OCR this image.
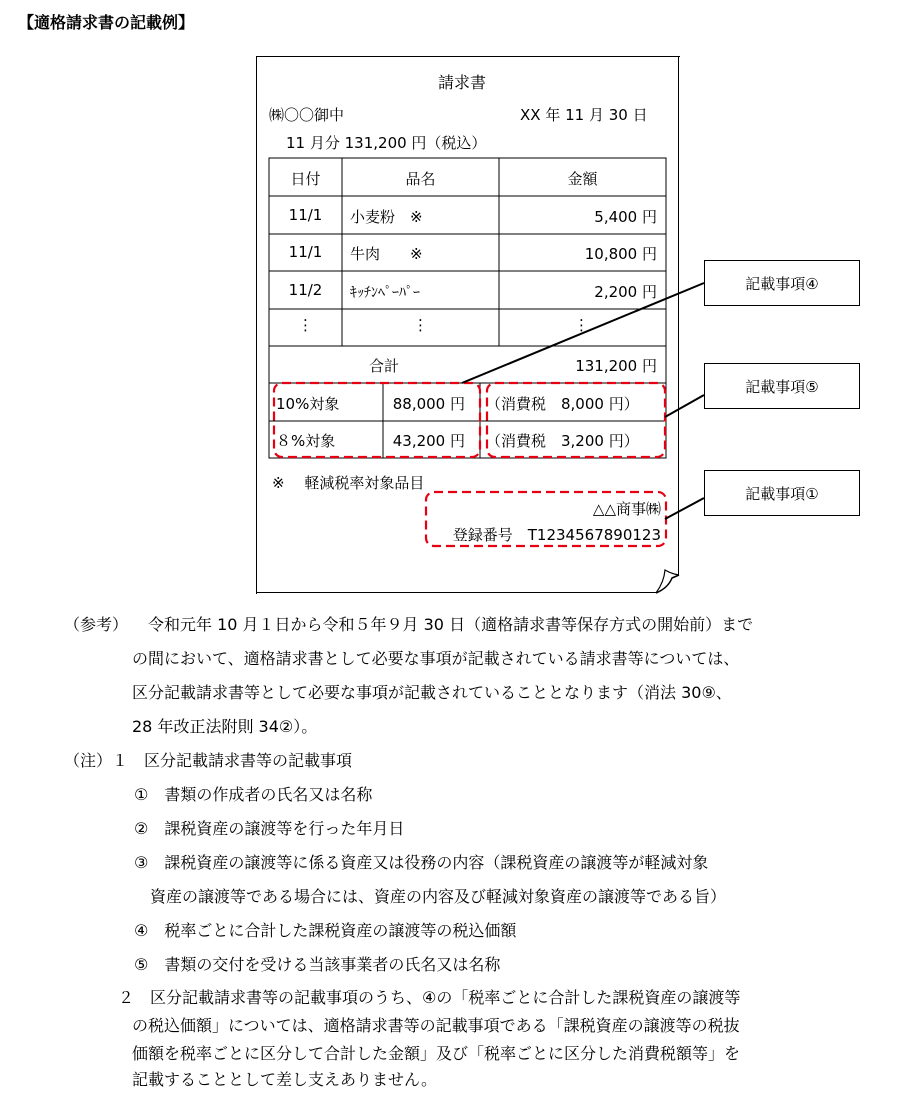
【適格請求書の記載例】
請求書
㈱〇〇御中	XX 年 11 月 30 日
11 月分 131,200 円（税込）
日付	品名	金額
11/1	小麦粉　※	5,400 円
11/1	牛肉　　※	10,800 円
11/2	ｷｯﾁﾝﾍﾟｰﾊﾟｰ	2,200 円
⋮	⋮	⋮
合計	131,200 円
10%対象	88,000 円 （消費税　8,000 円）
８%対象	43,200 円 （消費税　3,200 円）
※　 軽減税率対象品目
△△商事㈱
登録番号　T1234567890123
記載事項④
記載事項⑤
記載事項①
（参考） 令和元年 10 月１日から令和５年９月 30 日（適格請求書等保存方式の開始前）まで
の間において、適格請求書として必要な事項が記載されている請求書等については、
区分記載請求書等として必要な事項が記載されていることとなります（消法 30⑨、
28 年改正法附則 34②）。
（注）１　区分記載請求書等の記載事項
①　書類の作成者の氏名又は名称
②　課税資産の譲渡等を行った年月日
③　課税資産の譲渡等に係る資産又は役務の内容（課税資産の譲渡等が軽減対象
資産の譲渡等である場合には、資産の内容及び軽減対象資産の譲渡等である旨）
④　税率ごとに合計した課税資産の譲渡等の税込価額
⑤　書類の交付を受ける当該事業者の氏名又は名称
２　区分記載請求書等の記載事項のうち、④の「税率ごとに合計した課税資産の譲渡等
の税込価額」については、適格請求書等の記載事項である「課税資産の譲渡等の税抜
価額を税率ごとに区分して合計した金額」及び「税率ごとに区分した消費税額等」を
記載することとして差し支えありません。
